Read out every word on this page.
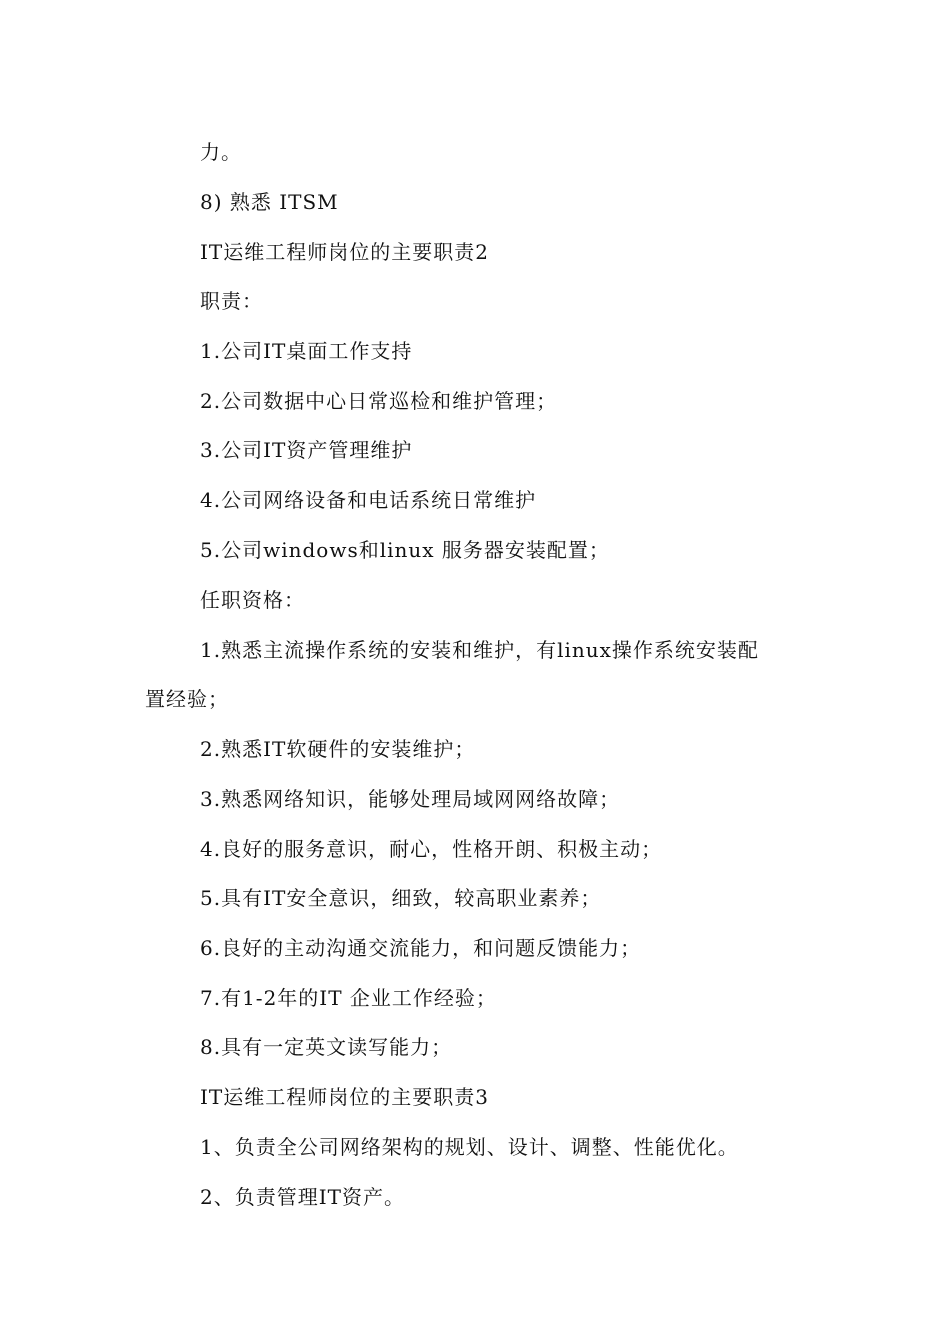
力。
8) 熟悉 ITSM
IT运维工程师岗位的主要职责2
职责：
1.公司IT桌面工作支持
2.公司数据中心日常巡检和维护管理；
3.公司IT资产管理维护
4.公司网络设备和电话系统日常维护
5.公司windows和linux 服务器安装配置；
任职资格：
1.熟悉主流操作系统的安装和维护，有linux操作系统安装配
置经验；
2.熟悉IT软硬件的安装维护；
3.熟悉网络知识，能够处理局域网网络故障；
4.良好的服务意识，耐心，性格开朗、积极主动；
5.具有IT安全意识，细致，较高职业素养；
6.良好的主动沟通交流能力，和问题反馈能力；
7.有1-2年的IT 企业工作经验；
8.具有一定英文读写能力；
IT运维工程师岗位的主要职责3
1、负责全公司网络架构的规划、设计、调整、性能优化。
2、负责管理IT资产。
